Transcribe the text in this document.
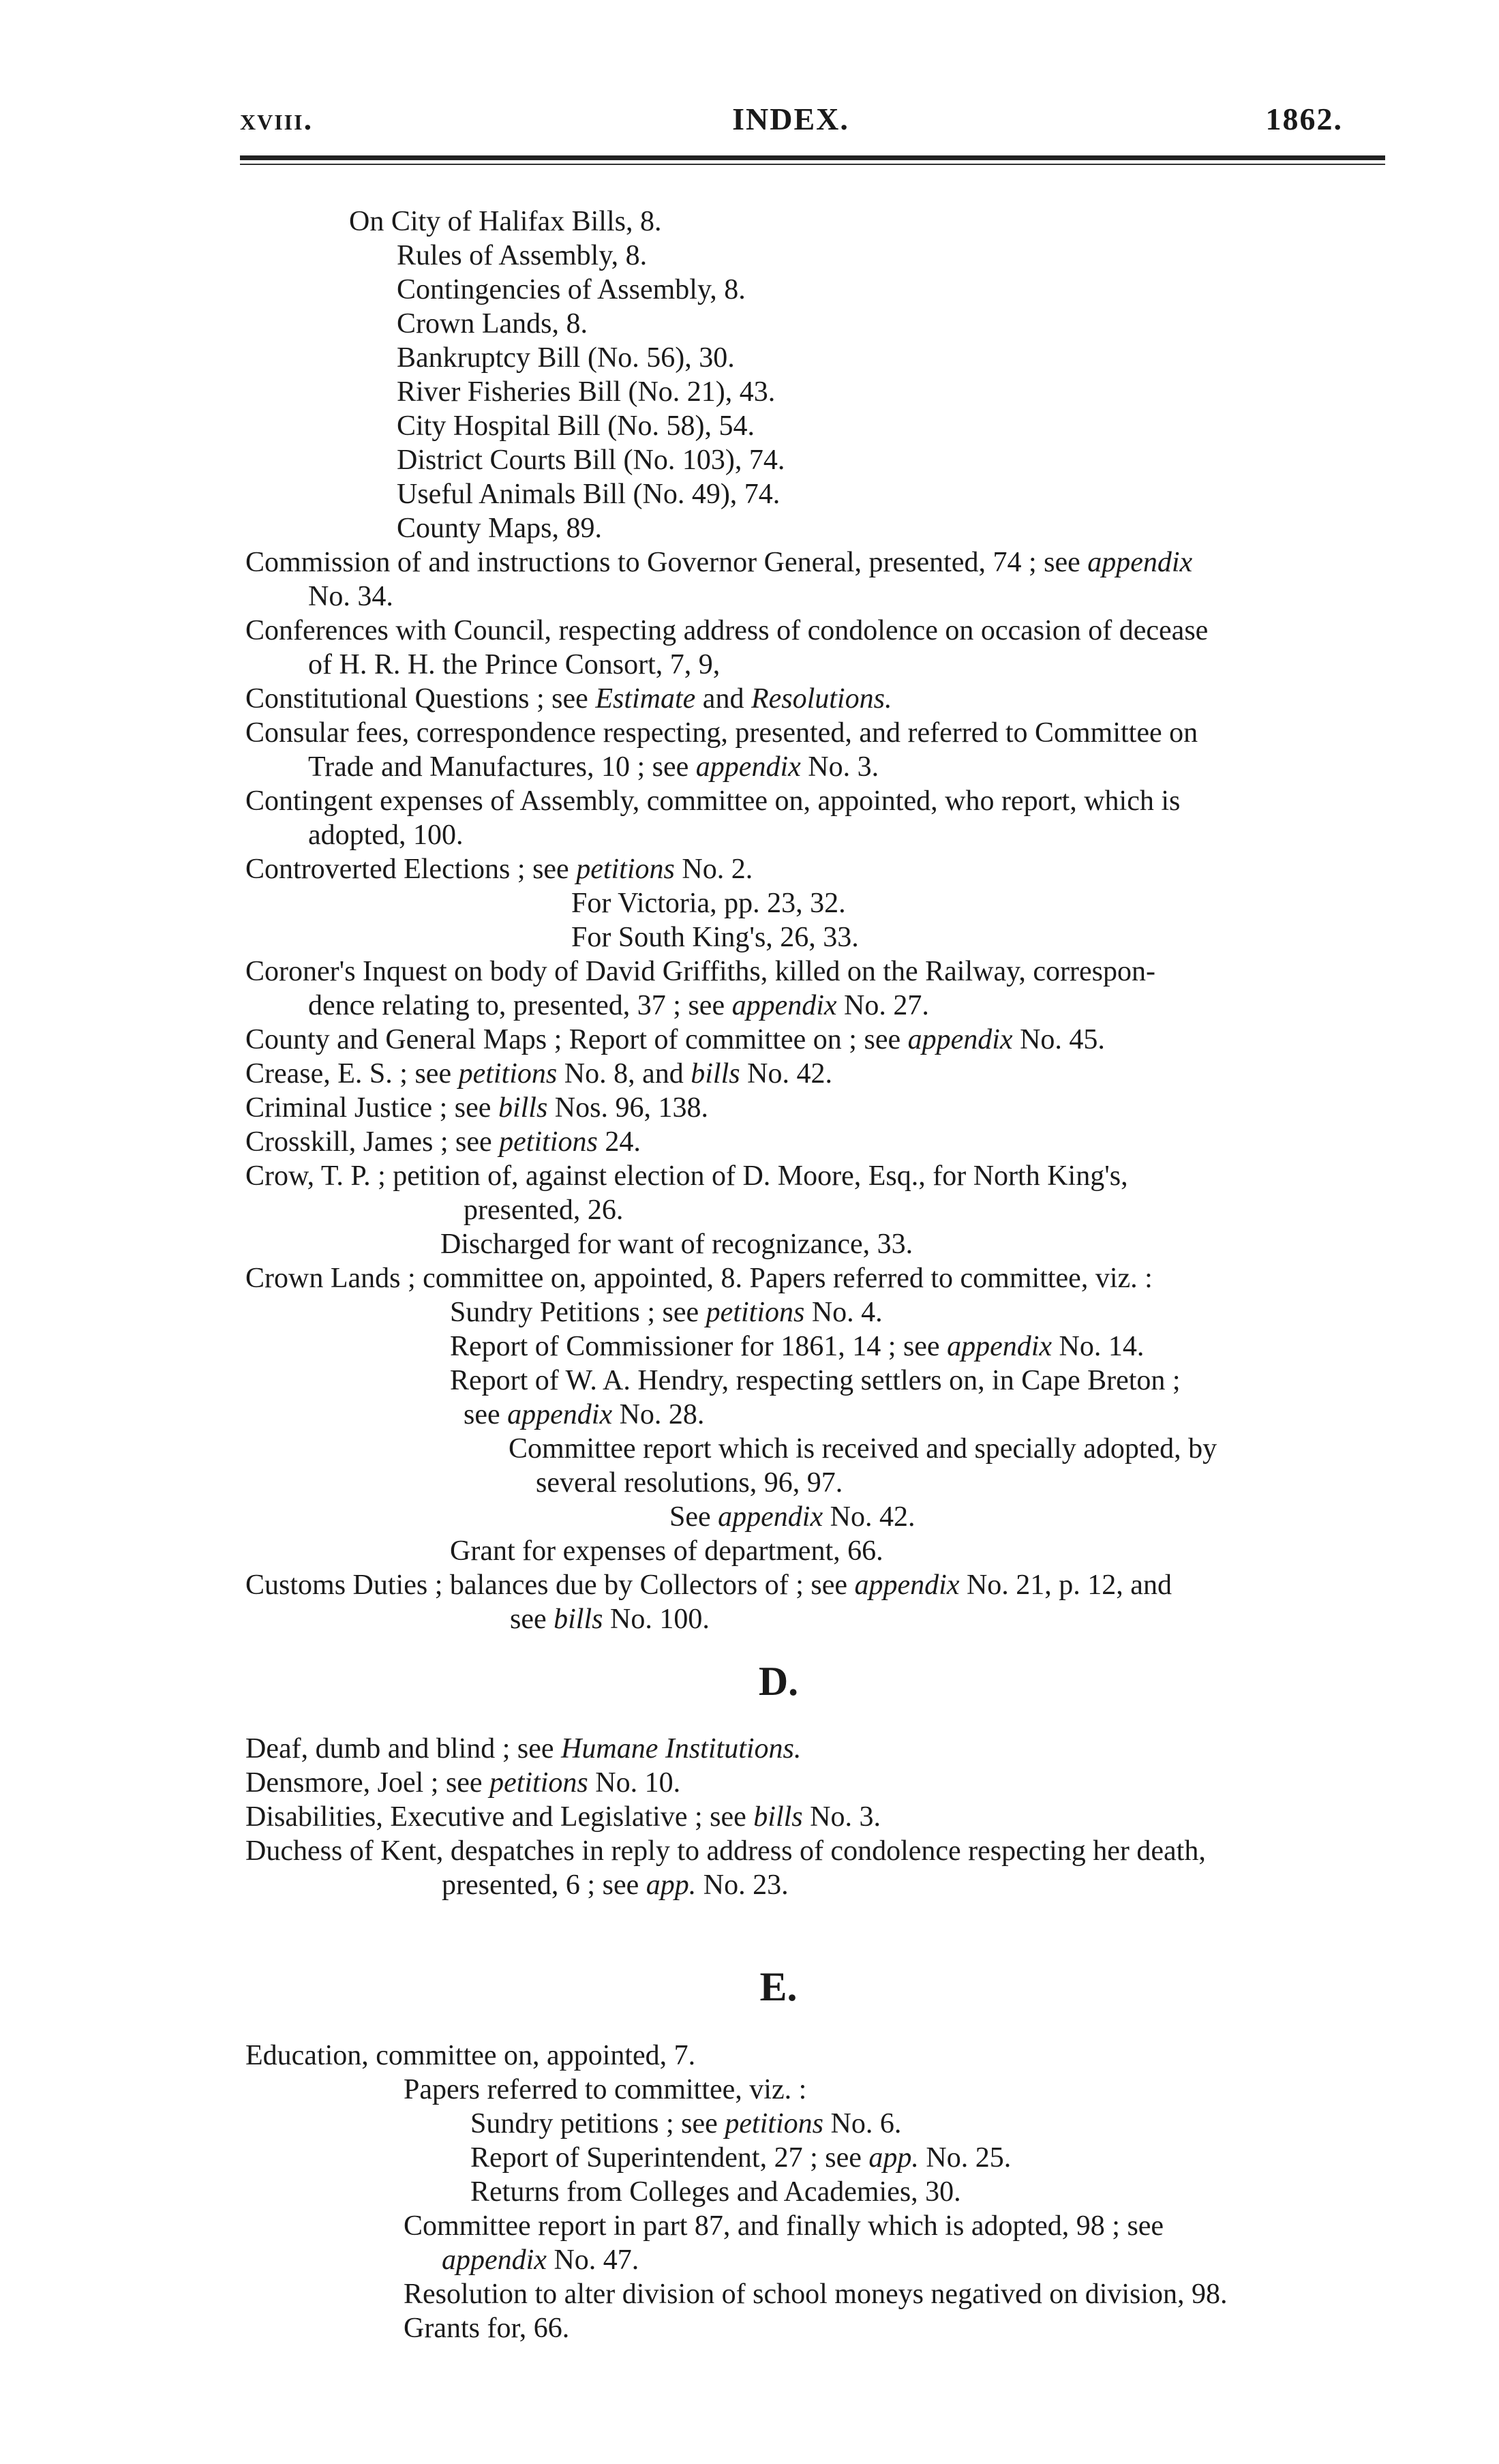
xviii.	INDEX.	1862.
D.
E.
On City of Halifax Bills, 8.
Rules of Assembly, 8.
Contingencies of Assembly, 8.
Crown Lands, 8.
Bankruptcy Bill (No. 56), 30.
River Fisheries Bill (No. 21), 43.
City Hospital Bill (No. 58), 54.
District Courts Bill (No. 103), 74.
Useful Animals Bill (No. 49), 74.
County Maps, 89.
Commission of and instructions to Governor General, presented, 74 ; see appendix
No. 34.
Conferences with Council, respecting address of condolence on occasion of decease
of H. R. H. the Prince Consort, 7, 9,
Constitutional Questions ; see Estimate and Resolutions.
Consular fees, correspondence respecting, presented, and referred to Committee on
Trade and Manufactures, 10 ; see appendix No. 3.
Contingent expenses of Assembly, committee on, appointed, who report, which is
adopted, 100.
Controverted Elections ; see petitions No. 2.
For Victoria, pp. 23, 32.
For South King's, 26, 33.
Coroner's Inquest on body of David Griffiths, killed on the Railway, correspon-
dence relating to, presented, 37 ; see appendix No. 27.
County and General Maps ; Report of committee on ; see appendix No. 45.
Crease, E. S. ; see petitions No. 8, and bills No. 42.
Criminal Justice ; see bills Nos. 96, 138.
Crosskill, James ; see petitions 24.
Crow, T. P. ; petition of, against election of D. Moore, Esq., for North King's,
presented, 26.
Discharged for want of recognizance, 33.
Crown Lands ; committee on, appointed, 8. Papers referred to committee, viz. :
Sundry Petitions ; see petitions No. 4.
Report of Commissioner for 1861, 14 ; see appendix No. 14.
Report of W. A. Hendry, respecting settlers on, in Cape Breton ;
see appendix No. 28.
Committee report which is received and specially adopted, by
several resolutions, 96, 97.
See appendix No. 42.
Grant for expenses of department, 66.
Customs Duties ; balances due by Collectors of ; see appendix No. 21, p. 12, and
see bills No. 100.
Deaf, dumb and blind ; see Humane Institutions.
Densmore, Joel ; see petitions No. 10.
Disabilities, Executive and Legislative ; see bills No. 3.
Duchess of Kent, despatches in reply to address of condolence respecting her death,
presented, 6 ; see app. No. 23.
Education, committee on, appointed, 7.
Papers referred to committee, viz. :
Sundry petitions ; see petitions No. 6.
Report of Superintendent, 27 ; see app. No. 25.
Returns from Colleges and Academies, 30.
Committee report in part 87, and finally which is adopted, 98 ; see
appendix No. 47.
Resolution to alter division of school moneys negatived on division, 98.
Grants for, 66.
